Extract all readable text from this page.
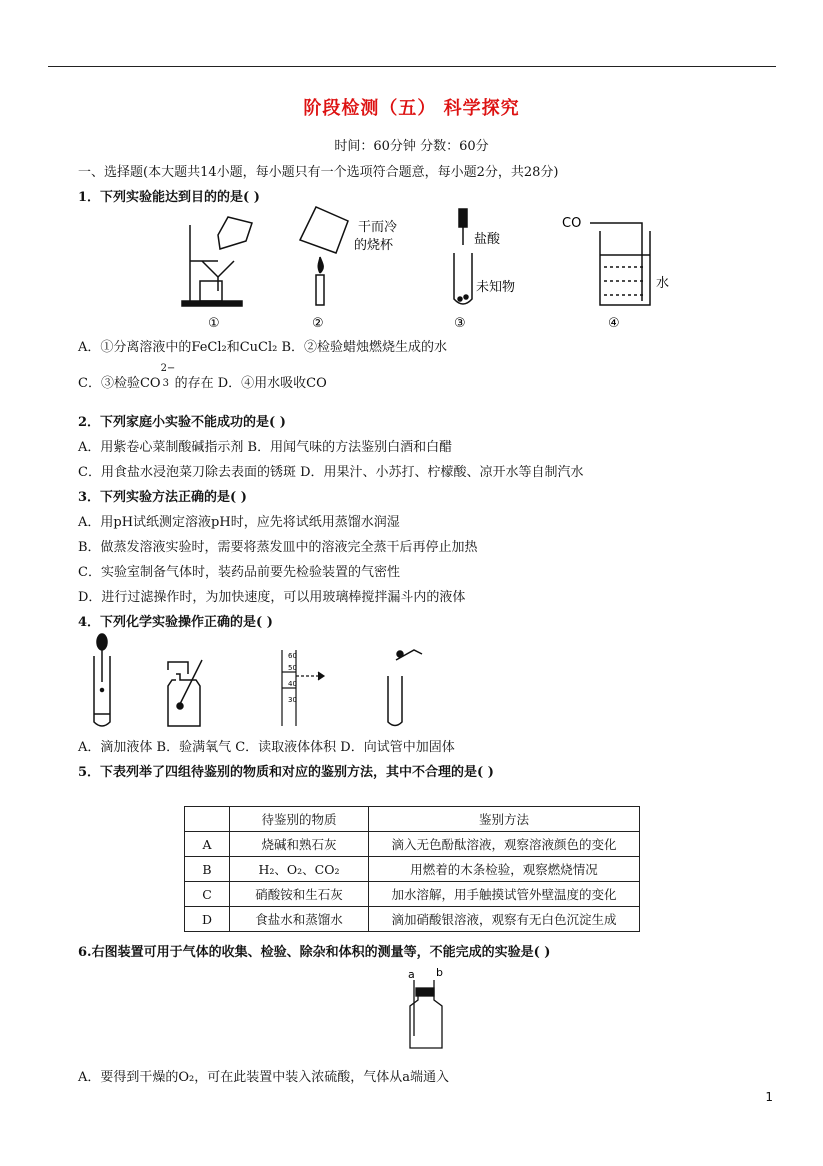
阶段检测（五） 科学探究
时间：60分钟 分数：60分
一、选择题(本大题共14小题，每小题只有一个选项符合题意，每小题2分，共28分)
1．下列实验能达到目的的是( )
①
干而冷
的烧杯
②
盐酸
未知物
③
CO
水
④
A．①分离溶液中的FeCl₂和CuCl₂ B．②检验蜡烛燃烧生成的水
C．③检验CO
2−
3 的存在 D．④用水吸收CO
2．下列家庭小实验不能成功的是( )
A．用紫卷心菜制酸碱指示剂 B．用闻气味的方法鉴别白酒和白醋
C．用食盐水浸泡菜刀除去表面的锈斑 D．用果汁、小苏打、柠檬酸、凉开水等自制汽水
3．下列实验方法正确的是( )
A．用pH试纸测定溶液pH时，应先将试纸用蒸馏水润湿
B．做蒸发溶液实验时，需要将蒸发皿中的溶液完全蒸干后再停止加热
C．实验室制备气体时，装药品前要先检验装置的气密性
D．进行过滤操作时，为加快速度，可以用玻璃棒搅拌漏斗内的液体
4．下列化学实验操作正确的是( )
60
50
40
30
A．滴加液体 B．验满氧气 C．读取液体体积 D．向试管中加固体
5．下表列举了四组待鉴别的物质和对应的鉴别方法，其中不合理的是( )
	待鉴别的物质	鉴别方法
A	烧碱和熟石灰	滴入无色酚酞溶液，观察溶液颜色的变化
B	H₂、O₂、CO₂	用燃着的木条检验，观察燃烧情况
C	硝酸铵和生石灰	加水溶解，用手触摸试管外壁温度的变化
D	食盐水和蒸馏水	滴加硝酸银溶液，观察有无白色沉淀生成
6.右图装置可用于气体的收集、检验、除杂和体积的测量等，不能完成的实验是( )
a b
A．要得到干燥的O₂，可在此装置中装入浓硫酸，气体从a端通入
1
